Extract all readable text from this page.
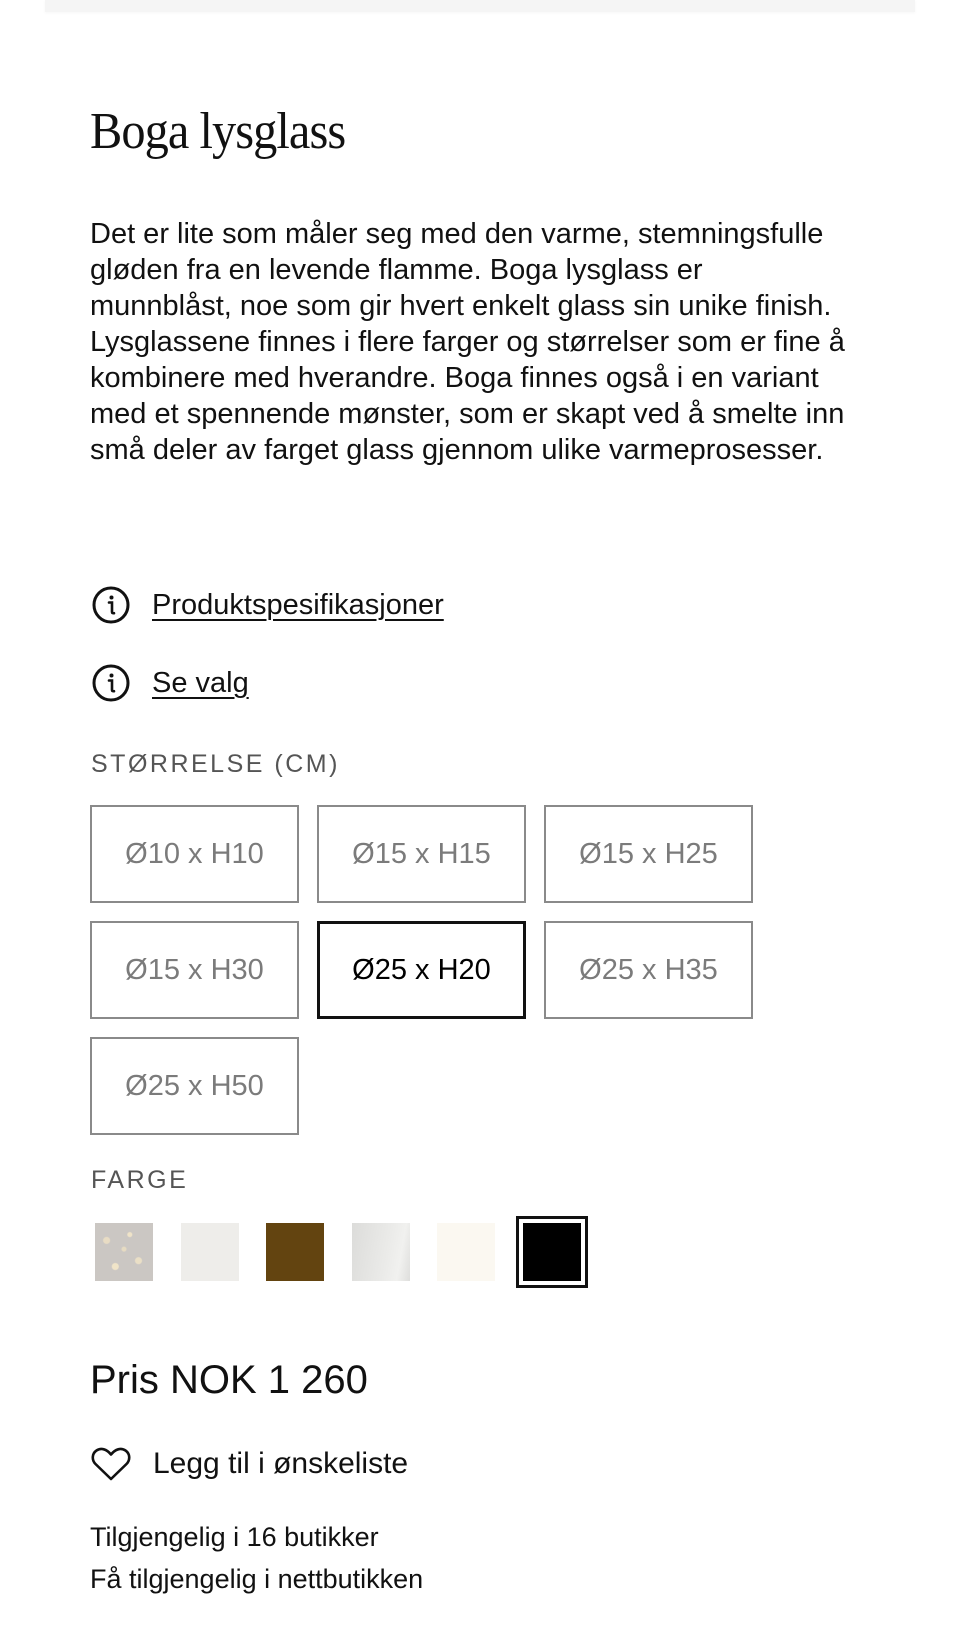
Boga lysglass

Det er lite som måler seg med den varme, stemningsfulle gløden fra en levende flamme. Boga lysglass er munnblåst, noe som gir hvert enkelt glass sin unike finish. Lysglassene finnes i flere farger og størrelser som er fine å kombinere med hverandre. Boga finnes også i en variant med et spennende mønster, som er skapt ved å smelte inn små deler av farget glass gjennom ulike varmeprosesser.

Produktspesifikasjoner
Se valg
STØRRELSE (CM)
Ø10 x H10	Ø15 x H15	Ø15 x H25
Ø15 x H30	Ø25 x H20	Ø25 x H35
Ø25 x H50
FARGE
Pris NOK 1 260
Legg til i ønskeliste

Tilgjengelig i 16 butikker

Få tilgjengelig i nettbutikken
